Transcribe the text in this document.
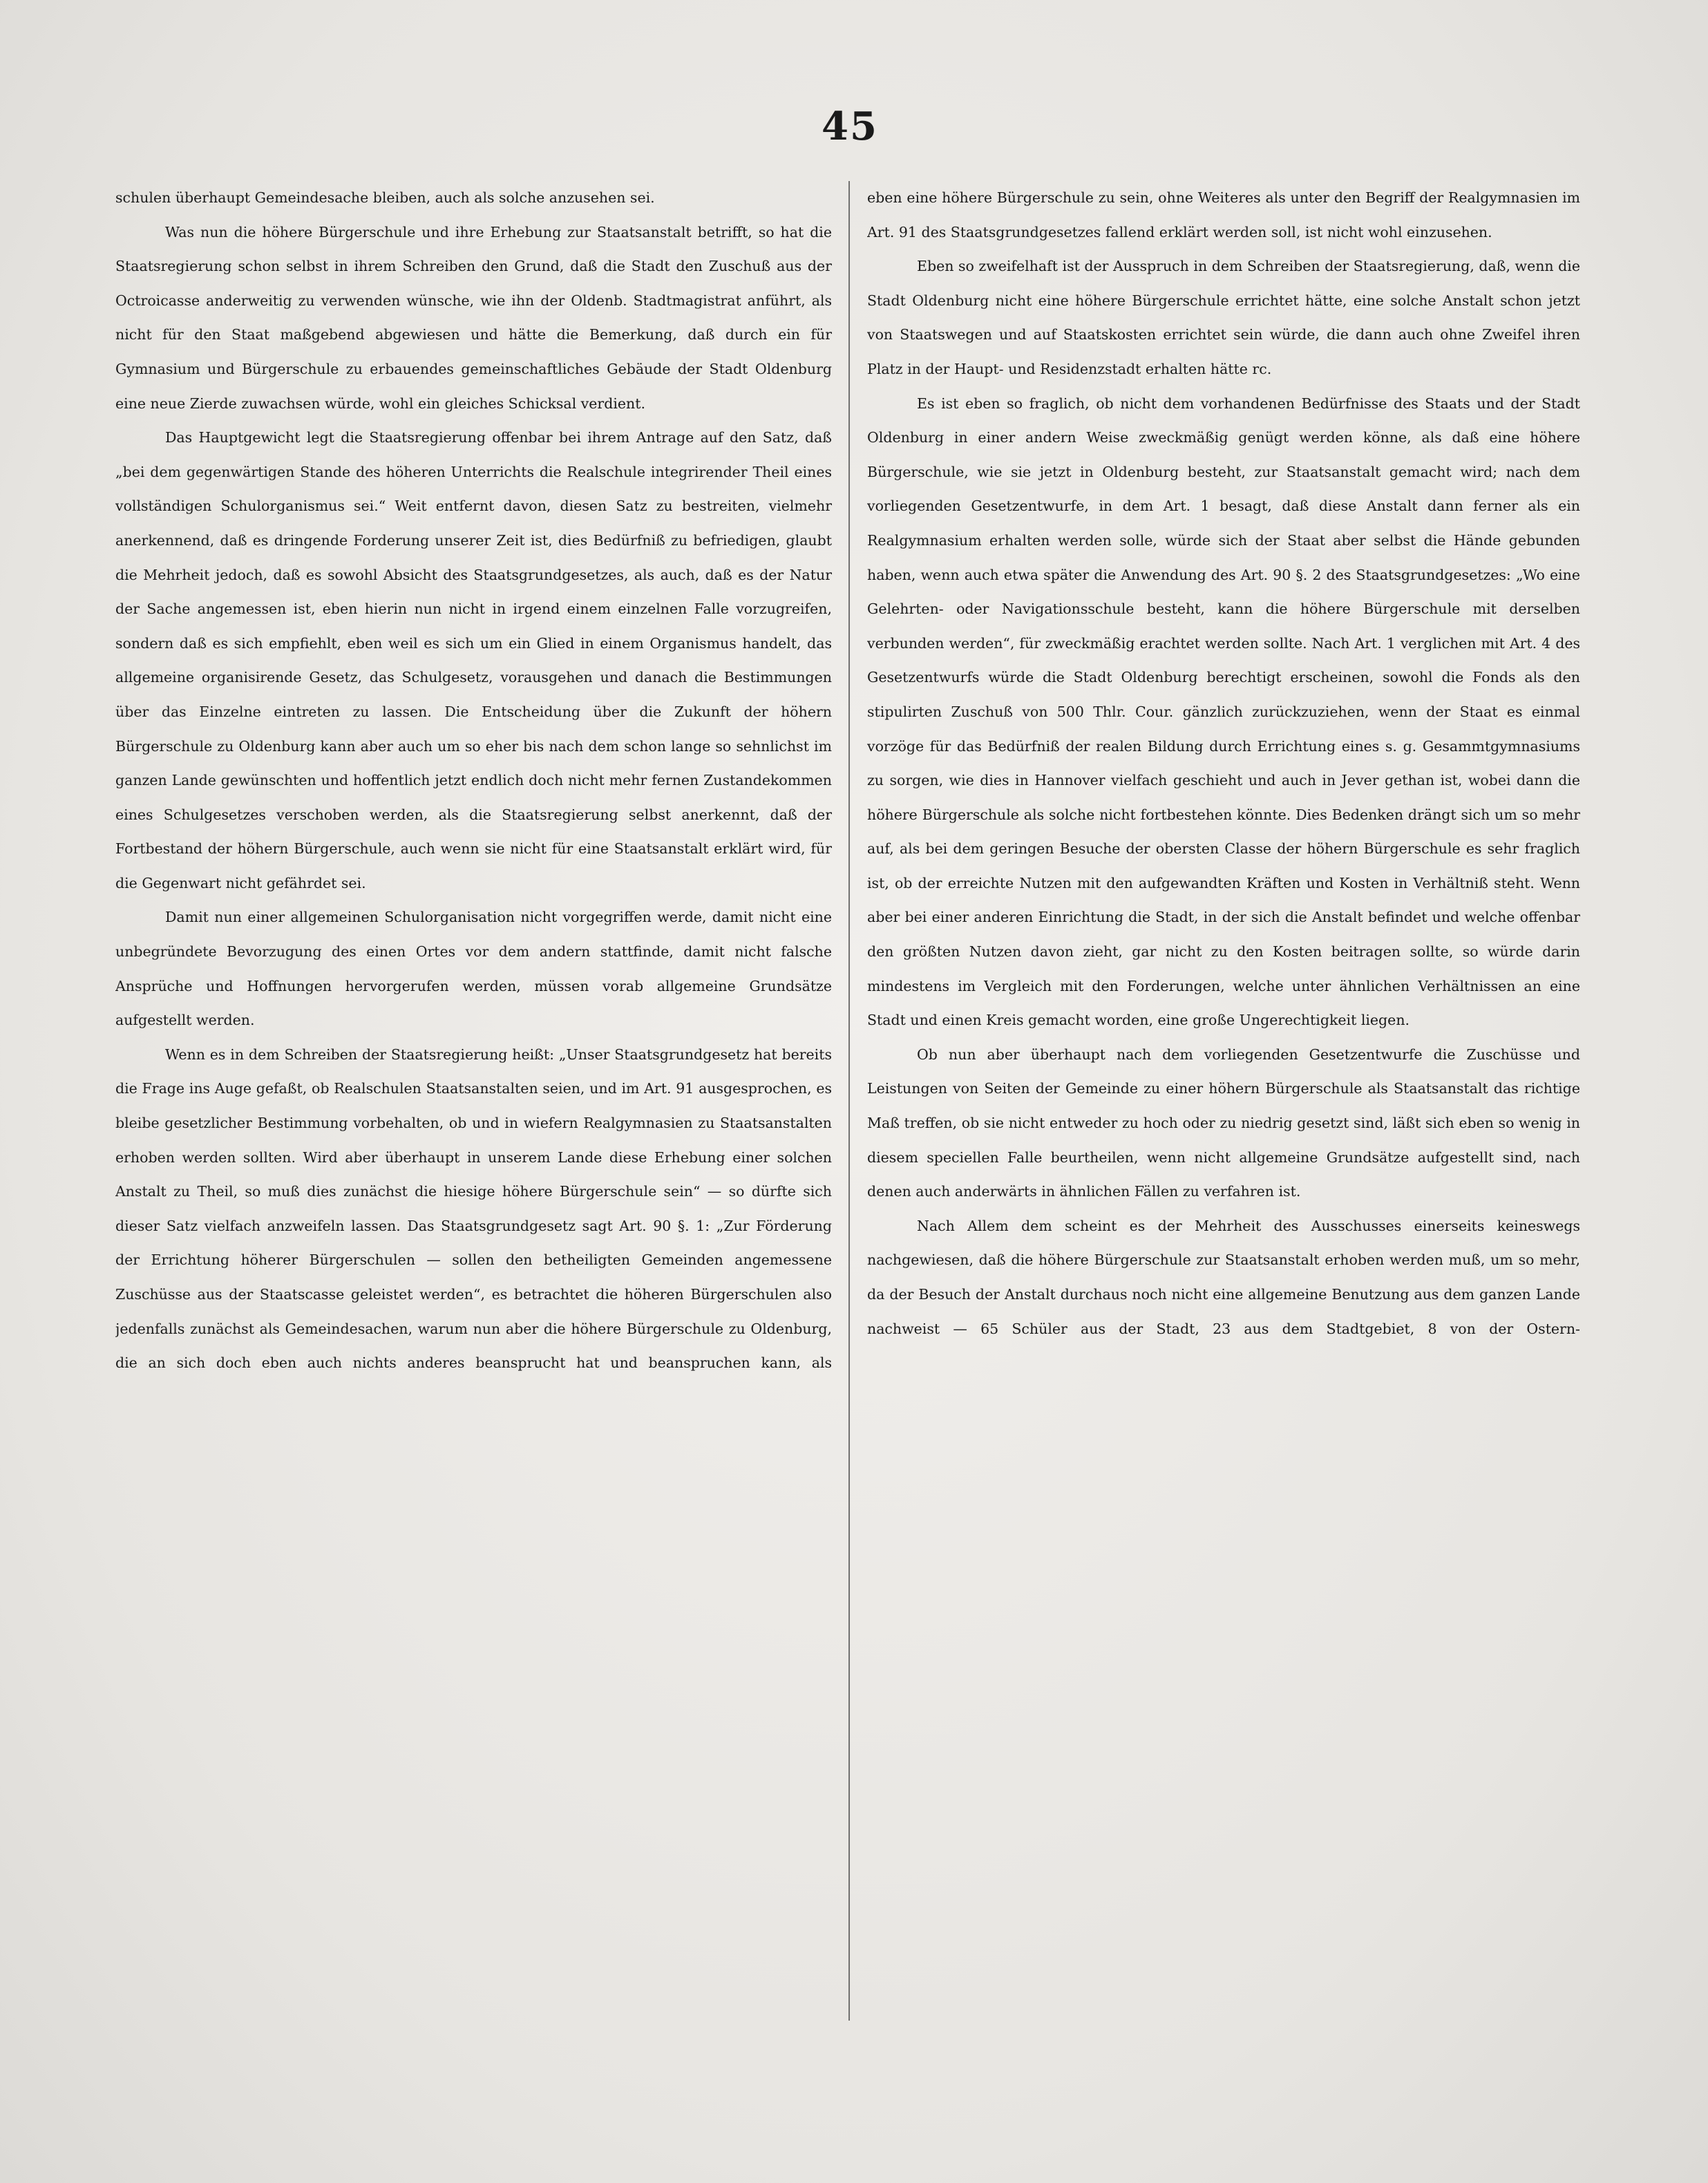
45

schulen überhaupt Gemeindesache bleiben, auch als solche anzusehen sei.

Was nun die höhere Bürgerschule und ihre Erhebung zur Staatsanstalt betrifft, so hat die Staatsregierung schon selbst in ihrem Schreiben den Grund, daß die Stadt den Zuschuß aus der Octroicasse anderweitig zu verwenden wünsche, wie ihn der Oldenb. Stadtmagistrat anführt, als nicht für den Staat maßgebend abgewiesen und hätte die Bemerkung, daß durch ein für Gymnasium und Bürgerschule zu erbauendes gemeinschaftliches Gebäude der Stadt Oldenburg eine neue Zierde zuwachsen würde, wohl ein gleiches Schicksal verdient.

Das Hauptgewicht legt die Staatsregierung offenbar bei ihrem Antrage auf den Satz, daß „bei dem gegenwärtigen Stande des höheren Unterrichts die Realschule integrirender Theil eines vollständigen Schulorganismus sei.“ Weit entfernt davon, diesen Satz zu bestreiten, vielmehr anerkennend, daß es dringende Forderung unserer Zeit ist, dies Bedürfniß zu befriedigen, glaubt die Mehrheit jedoch, daß es sowohl Absicht des Staatsgrundgesetzes, als auch, daß es der Natur der Sache angemessen ist, eben hierin nun nicht in irgend einem einzelnen Falle vorzugreifen, sondern daß es sich empfiehlt, eben weil es sich um ein Glied in einem Organismus handelt, das allgemeine organisirende Gesetz, das Schulgesetz, vorausgehen und danach die Bestimmungen über das Einzelne eintreten zu lassen. Die Entscheidung über die Zukunft der höhern Bürgerschule zu Oldenburg kann aber auch um so eher bis nach dem schon lange so sehnlichst im ganzen Lande gewünschten und hoffentlich jetzt endlich doch nicht mehr fernen Zustandekommen eines Schulgesetzes verschoben werden, als die Staatsregierung selbst anerkennt, daß der Fortbestand der höhern Bürgerschule, auch wenn sie nicht für eine Staatsanstalt erklärt wird, für die Gegenwart nicht gefährdet sei.

Damit nun einer allgemeinen Schulorganisation nicht vorgegriffen werde, damit nicht eine unbegründete Bevorzugung des einen Ortes vor dem andern stattfinde, damit nicht falsche Ansprüche und Hoffnungen hervorgerufen werden, müssen vorab allgemeine Grundsätze aufgestellt werden.

Wenn es in dem Schreiben der Staatsregierung heißt: „Unser Staatsgrundgesetz hat bereits die Frage ins Auge gefaßt, ob Realschulen Staatsanstalten seien, und im Art. 91 ausgesprochen, es bleibe gesetzlicher Bestimmung vorbehalten, ob und in wiefern Realgymnasien zu Staatsanstalten erhoben werden sollten. Wird aber überhaupt in unserem Lande diese Erhebung einer solchen Anstalt zu Theil, so muß dies zunächst die hiesige höhere Bürgerschule sein“ — so dürfte sich dieser Satz vielfach anzweifeln lassen. Das Staatsgrundgesetz sagt Art. 90 §. 1: „Zur Förderung der Errichtung höherer Bürgerschulen — sollen den betheiligten Gemeinden angemessene Zuschüsse aus der Staatscasse geleistet werden“, es betrachtet die höheren Bürgerschulen also jedenfalls zunächst als Gemeindesachen, warum nun aber die höhere Bürgerschule zu Oldenburg, die an sich doch eben auch nichts anderes beansprucht hat und beanspruchen kann, als

eben eine höhere Bürgerschule zu sein, ohne Weiteres als unter den Begriff der Realgymnasien im Art. 91 des Staatsgrundgesetzes fallend erklärt werden soll, ist nicht wohl einzusehen.

Eben so zweifelhaft ist der Ausspruch in dem Schreiben der Staatsregierung, daß, wenn die Stadt Oldenburg nicht eine höhere Bürgerschule errichtet hätte, eine solche Anstalt schon jetzt von Staatswegen und auf Staatskosten errichtet sein würde, die dann auch ohne Zweifel ihren Platz in der Haupt- und Residenzstadt erhalten hätte rc.

Es ist eben so fraglich, ob nicht dem vorhandenen Bedürfnisse des Staats und der Stadt Oldenburg in einer andern Weise zweckmäßig genügt werden könne, als daß eine höhere Bürgerschule, wie sie jetzt in Oldenburg besteht, zur Staatsanstalt gemacht wird; nach dem vorliegenden Gesetzentwurfe, in dem Art. 1 besagt, daß diese Anstalt dann ferner als ein Realgymnasium erhalten werden solle, würde sich der Staat aber selbst die Hände gebunden haben, wenn auch etwa später die Anwendung des Art. 90 §. 2 des Staatsgrundgesetzes: „Wo eine Gelehrten- oder Navigationsschule besteht, kann die höhere Bürgerschule mit derselben verbunden werden“, für zweckmäßig erachtet werden sollte. Nach Art. 1 verglichen mit Art. 4 des Gesetzentwurfs würde die Stadt Oldenburg berechtigt erscheinen, sowohl die Fonds als den stipulirten Zuschuß von 500 Thlr. Cour. gänzlich zurückzuziehen, wenn der Staat es einmal vorzöge für das Bedürfniß der realen Bildung durch Errichtung eines s. g. Gesammtgymnasiums zu sorgen, wie dies in Hannover vielfach geschieht und auch in Jever gethan ist, wobei dann die höhere Bürgerschule als solche nicht fortbestehen könnte. Dies Bedenken drängt sich um so mehr auf, als bei dem geringen Besuche der obersten Classe der höhern Bürgerschule es sehr fraglich ist, ob der erreichte Nutzen mit den aufgewandten Kräften und Kosten in Verhältniß steht. Wenn aber bei einer anderen Einrichtung die Stadt, in der sich die Anstalt befindet und welche offenbar den größten Nutzen davon zieht, gar nicht zu den Kosten beitragen sollte, so würde darin mindestens im Vergleich mit den Forderungen, welche unter ähnlichen Verhältnissen an eine Stadt und einen Kreis gemacht worden, eine große Ungerechtigkeit liegen.

Ob nun aber überhaupt nach dem vorliegenden Gesetzentwurfe die Zuschüsse und Leistungen von Seiten der Gemeinde zu einer höhern Bürgerschule als Staatsanstalt das richtige Maß treffen, ob sie nicht entweder zu hoch oder zu niedrig gesetzt sind, läßt sich eben so wenig in diesem speciellen Falle beurtheilen, wenn nicht allgemeine Grundsätze aufgestellt sind, nach denen auch anderwärts in ähnlichen Fällen zu verfahren ist.

Nach Allem dem scheint es der Mehrheit des Ausschusses einerseits keineswegs nachgewiesen, daß die höhere Bürgerschule zur Staatsanstalt erhoben werden muß, um so mehr, da der Besuch der Anstalt durchaus noch nicht eine allgemeine Benutzung aus dem ganzen Lande nachweist — 65 Schüler aus der Stadt, 23 aus dem Stadtgebiet, 8 von der Ostern-
